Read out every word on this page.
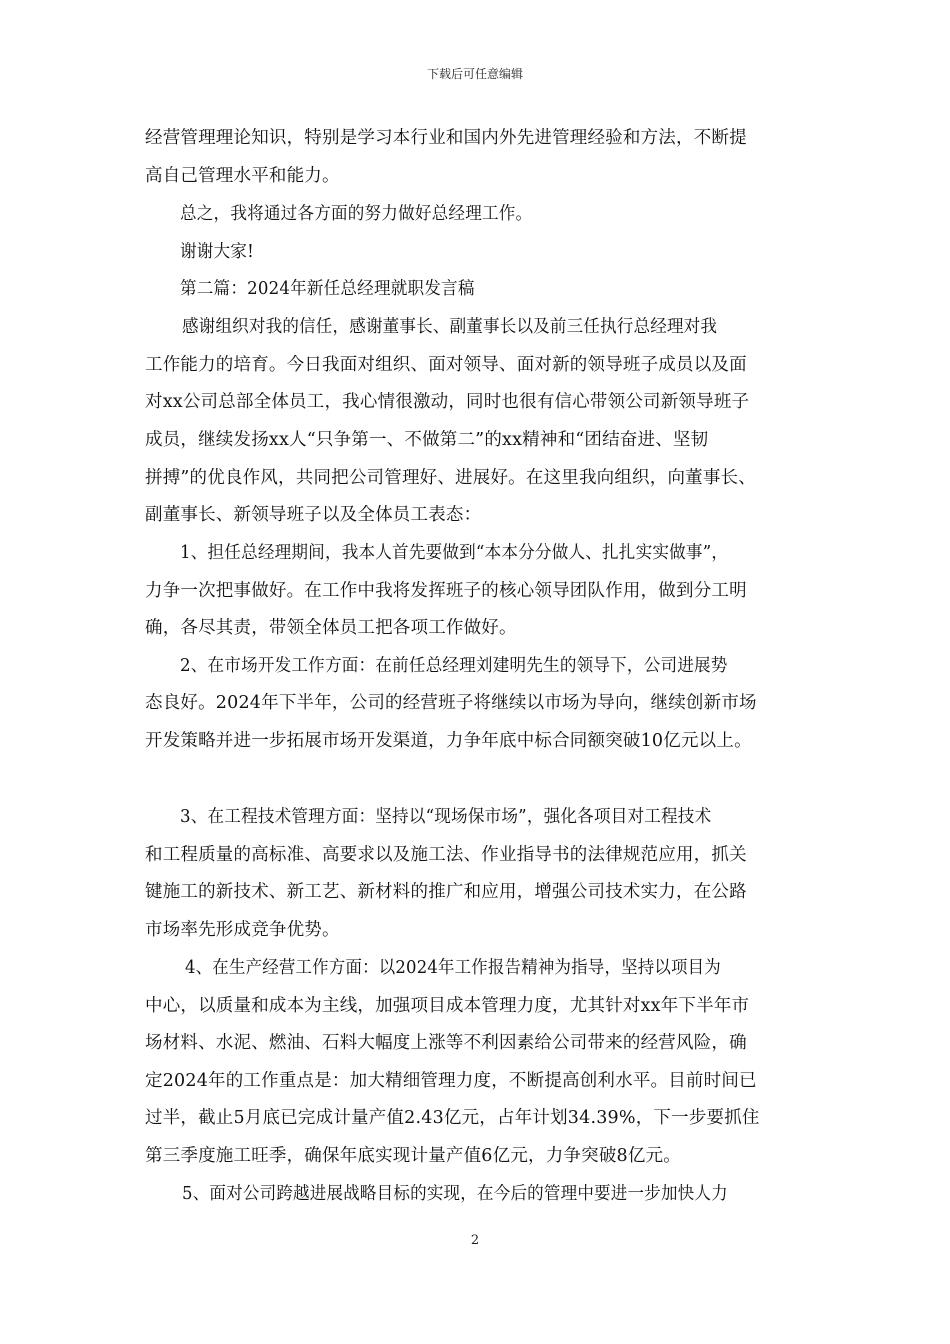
下载后可任意编辑
经营管理理论知识，特别是学习本行业和国内外先进管理经验和方法，不断提
高自己管理水平和能力。
总之，我将通过各方面的努力做好总经理工作。
谢谢大家!
第二篇：2024年新任总经理就职发言稿
感谢组织对我的信任，感谢董事长、副董事长以及前三任执行总经理对我
工作能力的培育。今日我面对组织、面对领导、面对新的领导班子成员以及面
对xx公司总部全体员工，我心情很激动，同时也很有信心带领公司新领导班子
成员，继续发扬xx人“只争第一、不做第二”的xx精神和“团结奋进、坚韧
拼搏”的优良作风，共同把公司管理好、进展好。在这里我向组织，向董事长、
副董事长、新领导班子以及全体员工表态：
1、担任总经理期间，我本人首先要做到“本本分分做人、扎扎实实做事”，
力争一次把事做好。在工作中我将发挥班子的核心领导团队作用，做到分工明
确，各尽其责，带领全体员工把各项工作做好。
2、在市场开发工作方面：在前任总经理刘建明先生的领导下，公司进展势
态良好。2024年下半年，公司的经营班子将继续以市场为导向，继续创新市场
开发策略并进一步拓展市场开发渠道，力争年底中标合同额突破10亿元以上。
3、在工程技术管理方面：坚持以“现场保市场”，强化各项目对工程技术
和工程质量的高标准、高要求以及施工法、作业指导书的法律规范应用，抓关
键施工的新技术、新工艺、新材料的推广和应用，增强公司技术实力，在公路
市场率先形成竞争优势。
4、在生产经营工作方面：以2024年工作报告精神为指导，坚持以项目为
中心，以质量和成本为主线，加强项目成本管理力度，尤其针对xx年下半年市
场材料、水泥、燃油、石料大幅度上涨等不利因素给公司带来的经营风险，确
定2024年的工作重点是：加大精细管理力度，不断提高创利水平。目前时间已
过半，截止5月底已完成计量产值2.43亿元，占年计划34.39%，下一步要抓住
第三季度施工旺季，确保年底实现计量产值6亿元，力争突破8亿元。
5、面对公司跨越进展战略目标的实现，在今后的管理中要进一步加快人力
2
